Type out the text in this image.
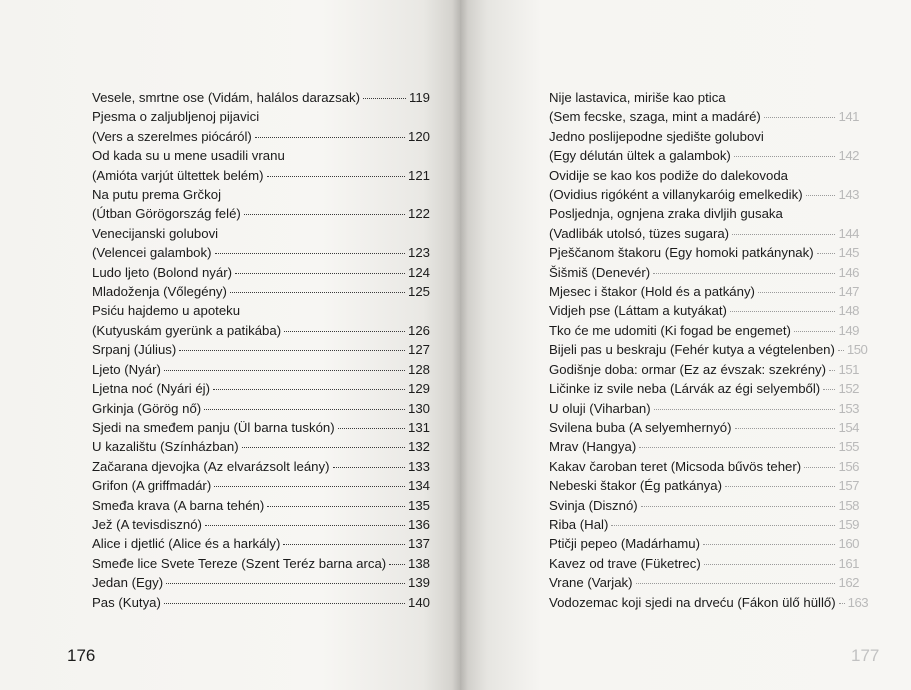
Vesele, smrtne ose (Vidám, halálos darazsak)	119
Pjesma o zaljubljenoj pijavici
(Vers a szerelmes piócáról)	120
Od kada su u mene usadili vranu
(Amióta varjút ültettek belém)	121
Na putu prema Grčkoj
(Útban Görögország felé)	122
Venecijanski golubovi
(Velencei galambok)	123
Ludo ljeto (Bolond nyár)	124
Mladoženja (Vőlegény)	125
Psiću hajdemo u apoteku
(Kutyuskám gyerünk a patikába)	126
Srpanj (Július)	127
Ljeto (Nyár)	128
Ljetna noć (Nyári éj)	129
Grkinja (Görög nő)	130
Sjedi na smeđem panju (Ül barna tuskón)	131
U kazalištu (Színházban)	132
Začarana djevojka (Az elvarázsolt leány)	133
Grifon (A griffmadár)	134
Smeđa krava (A barna tehén)	135
Jež (A tevisdisznó)	136
Alice i djetlić (Alice és a harkály)	137
Smeđe lice Svete Tereze (Szent Teréz barna arca) 138
Jedan (Egy)	139
Pas (Kutya)	140
176
Nije lastavica, miriše kao ptica
(Sem fecske, szaga, mint a madáré)	141
Jedno poslijepodne sjedište golubovi
(Egy délután ültek a galambok)	142
Ovidije se kao kos podiže do dalekovoda
(Ovidius rigóként a villanykaróig emelkedik)	143
Posljednja, ognjena zraka divljih gusaka
(Vadlibák utolsó, tüzes sugara)	144
Pješčanom štakoru (Egy homoki patkánynak) 145
Šišmiš (Denevér)	146
Mjesec i štakor (Hold és a patkány)	147
Vidjeh pse (Láttam a kutyákat)	148
Tko će me udomiti (Ki fogad be engemet)	149
Bijeli pas u beskraju (Fehér kutya a végtelenben) 150
Godišnje doba: ormar (Ez az évszak: szekrény) 151
Ličinke iz svile neba (Lárvák az égi selyemből) 152
U oluji (Viharban)	153
Svilena buba (A selyemhernyó)	154
Mrav (Hangya)	155
Kakav čaroban teret (Micsoda bűvös teher)	156
Nebeski štakor (Ég patkánya)	157
Svinja (Disznó)	158
Riba (Hal)	159
Ptičji pepeo (Madárhamu)	160
Kavez od trave (Füketrec)	161
Vrane (Varjak)	162
Vodozemac koji sjedi na drveću (Fákon ülő hüllő) 163
177
